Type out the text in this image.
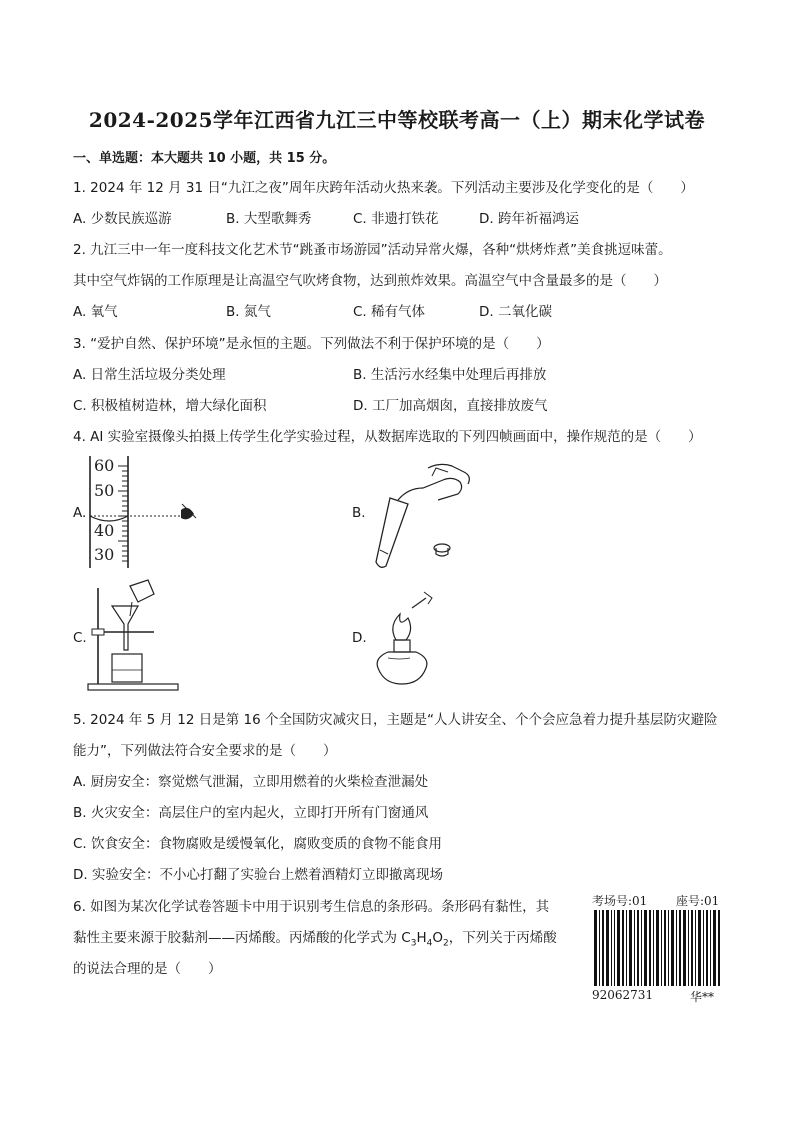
2024-2025学年江西省九江三中等校联考高一（上）期末化学试卷
一、单选题：本大题共 10 小题，共 15 分。
1. 2024 年 12 月 31 日“九江之夜”周年庆跨年活动火热来袭。下列活动主要涉及化学变化的是（　　）
A. 少数民族巡游	B. 大型歌舞秀	C. 非遗打铁花	D. 跨年祈福鸿运
2. 九江三中一年一度科技文化艺术节“跳蚤市场游园”活动异常火爆，各种“烘烤炸煮”美食挑逗味蕾。
其中空气炸锅的工作原理是让高温空气吹烤食物，达到煎炸效果。高温空气中含量最多的是（　　）
A. 氧气	B. 氮气	C. 稀有气体	D. 二氧化碳
3. “爱护自然、保护环境”是永恒的主题。下列做法不利于保护环境的是（　　）
A. 日常生活垃圾分类处理	B. 生活污水经集中处理后再排放
C. 积极植树造林，增大绿化面积	D. 工厂加高烟囱，直接排放废气
4. AI 实验室摄像头拍摄上传学生化学实验过程，从数据库选取的下列四帧画面中，操作规范的是（　　）
A.
60
50
40
30
B.
C.	D.
5. 2024 年 5 月 12 日是第 16 个全国防灾减灾日，主题是“人人讲安全、个个会应急着力提升基层防灾避险
能力”，下列做法符合安全要求的是（　　）
A. 厨房安全：察觉燃气泄漏，立即用燃着的火柴检查泄漏处
B. 火灾安全：高层住户的室内起火，立即打开所有门窗通风
C. 饮食安全：食物腐败是缓慢氧化，腐败变质的食物不能食用
D. 实验安全：不小心打翻了实验台上燃着酒精灯立即撤离现场
6. 如图为某次化学试卷答题卡中用于识别考生信息的条形码。条形码有黏性，其
黏性主要来源于胶黏剂——丙烯酸。丙烯酸的化学式为 $C_3H_4O_2$，下列关于丙烯酸
的说法合理的是（　　）
考场号:01 座号:01
92062731	华**
